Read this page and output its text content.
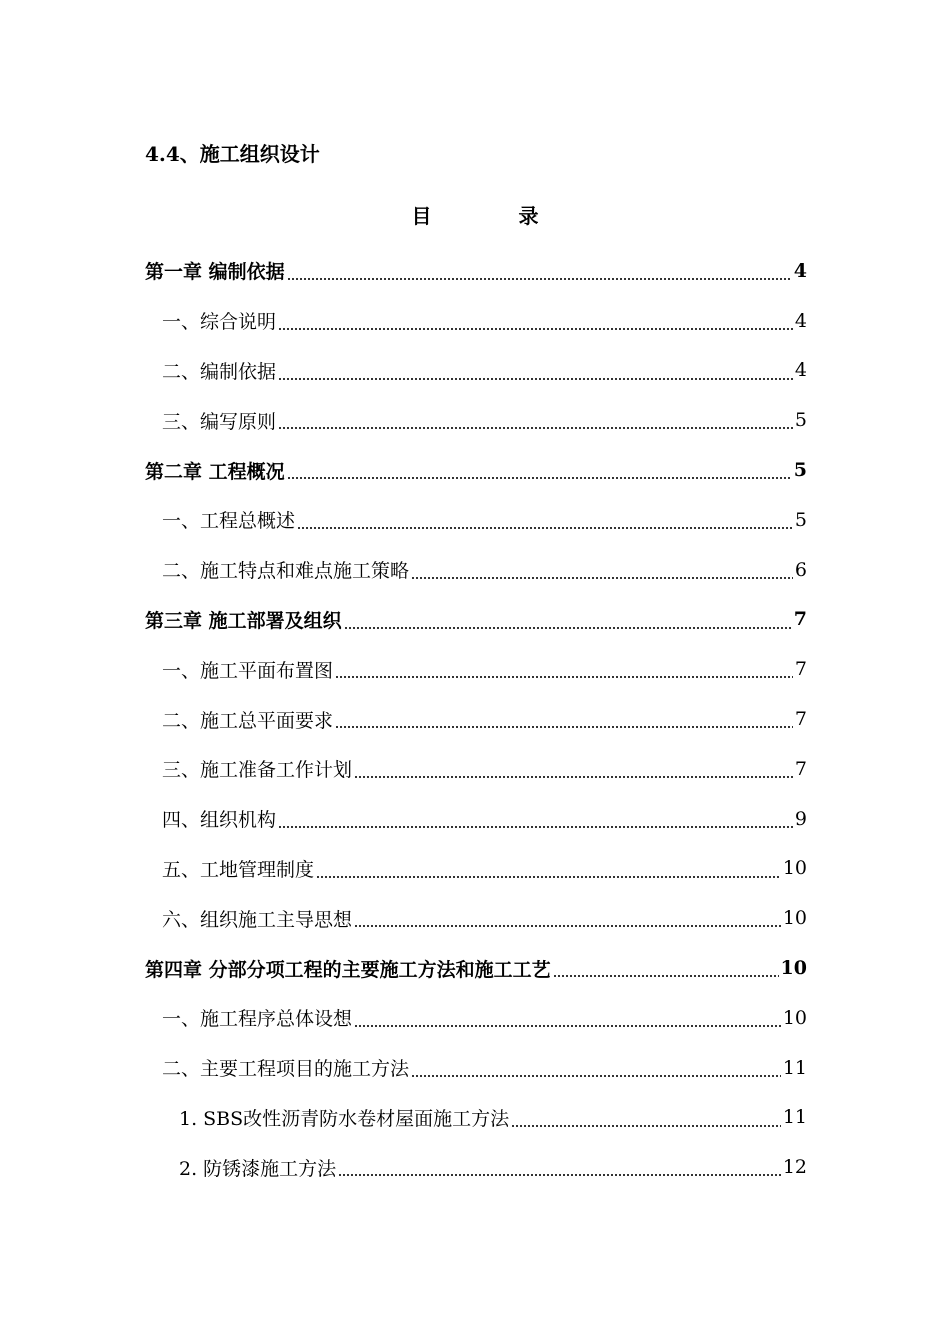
4.4、施工组织设计
目 录
第一章 编制依据	4
一、综合说明	4
二、编制依据	4
三、编写原则	5
第二章 工程概况	5
一、工程总概述	5
二、施工特点和难点施工策略	6
第三章 施工部署及组织	7
一、施工平面布置图	7
二、施工总平面要求	7
三、施工准备工作计划	7
四、组织机构	9
五、工地管理制度	10
六、组织施工主导思想	10
第四章 分部分项工程的主要施工方法和施工工艺	10
一、施工程序总体设想	10
二、主要工程项目的施工方法	11
1. SBS改性沥青防水卷材屋面施工方法	11
2. 防锈漆施工方法	12
